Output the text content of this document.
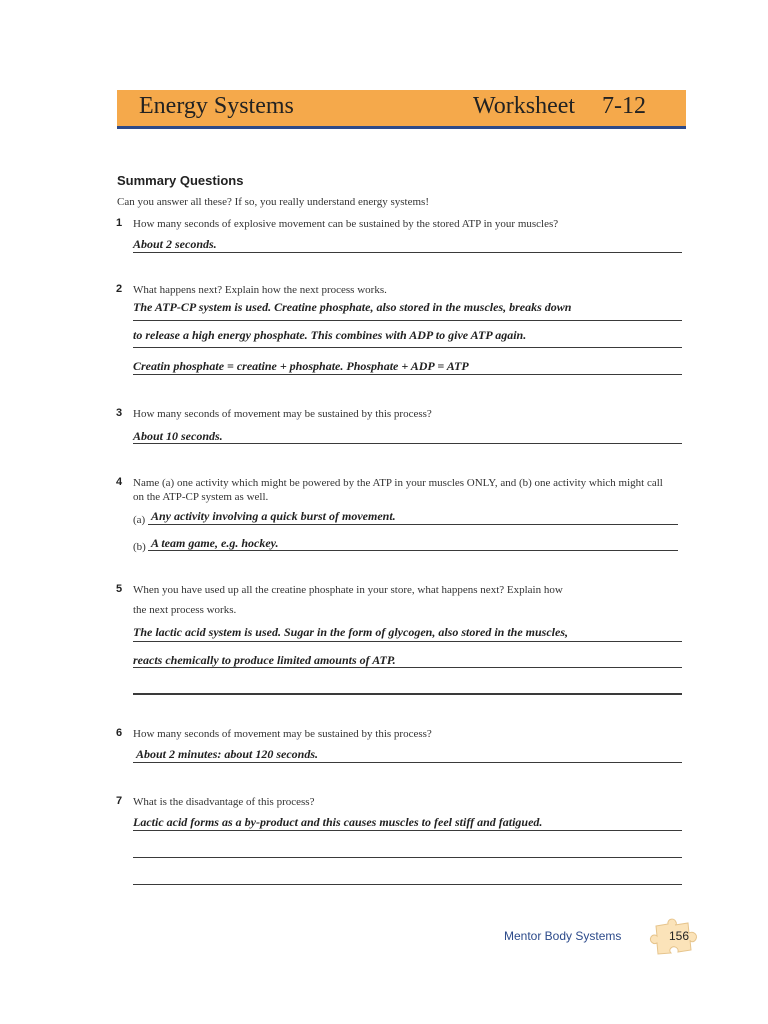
Energy Systems	Worksheet 7-12
Summary Questions
Can you answer all these? If so, you really understand energy systems!
1 How many seconds of explosive movement can be sustained by the stored ATP in your muscles?
About 2 seconds.
2 What happens next? Explain how the next process works.
The ATP-CP system is used. Creatine phosphate, also stored in the muscles, breaks down
to release a high energy phosphate. This combines with ADP to give ATP again.
Creatin phosphate = creatine + phosphate. Phosphate + ADP = ATP
3 How many seconds of movement may be sustained by this process?
About 10 seconds.
4 Name (a) one activity which might be powered by the ATP in your muscles ONLY, and (b) one activity which might call on the ATP-CP system as well.
(a) Any activity involving a quick burst of movement.
(b) A team game, e.g. hockey.
5 When you have used up all the creatine phosphate in your store, what happens next? Explain how
the next process works.
The lactic acid system is used. Sugar in the form of glycogen, also stored in the muscles,
reacts chemically to produce limited amounts of ATP.
6 How many seconds of movement may be sustained by this process?
About 2 minutes: about 120 seconds.
7 What is the disadvantage of this process?
Lactic acid forms as a by-product and this causes muscles to feel stiff and fatigued.
Mentor Body Systems	156
